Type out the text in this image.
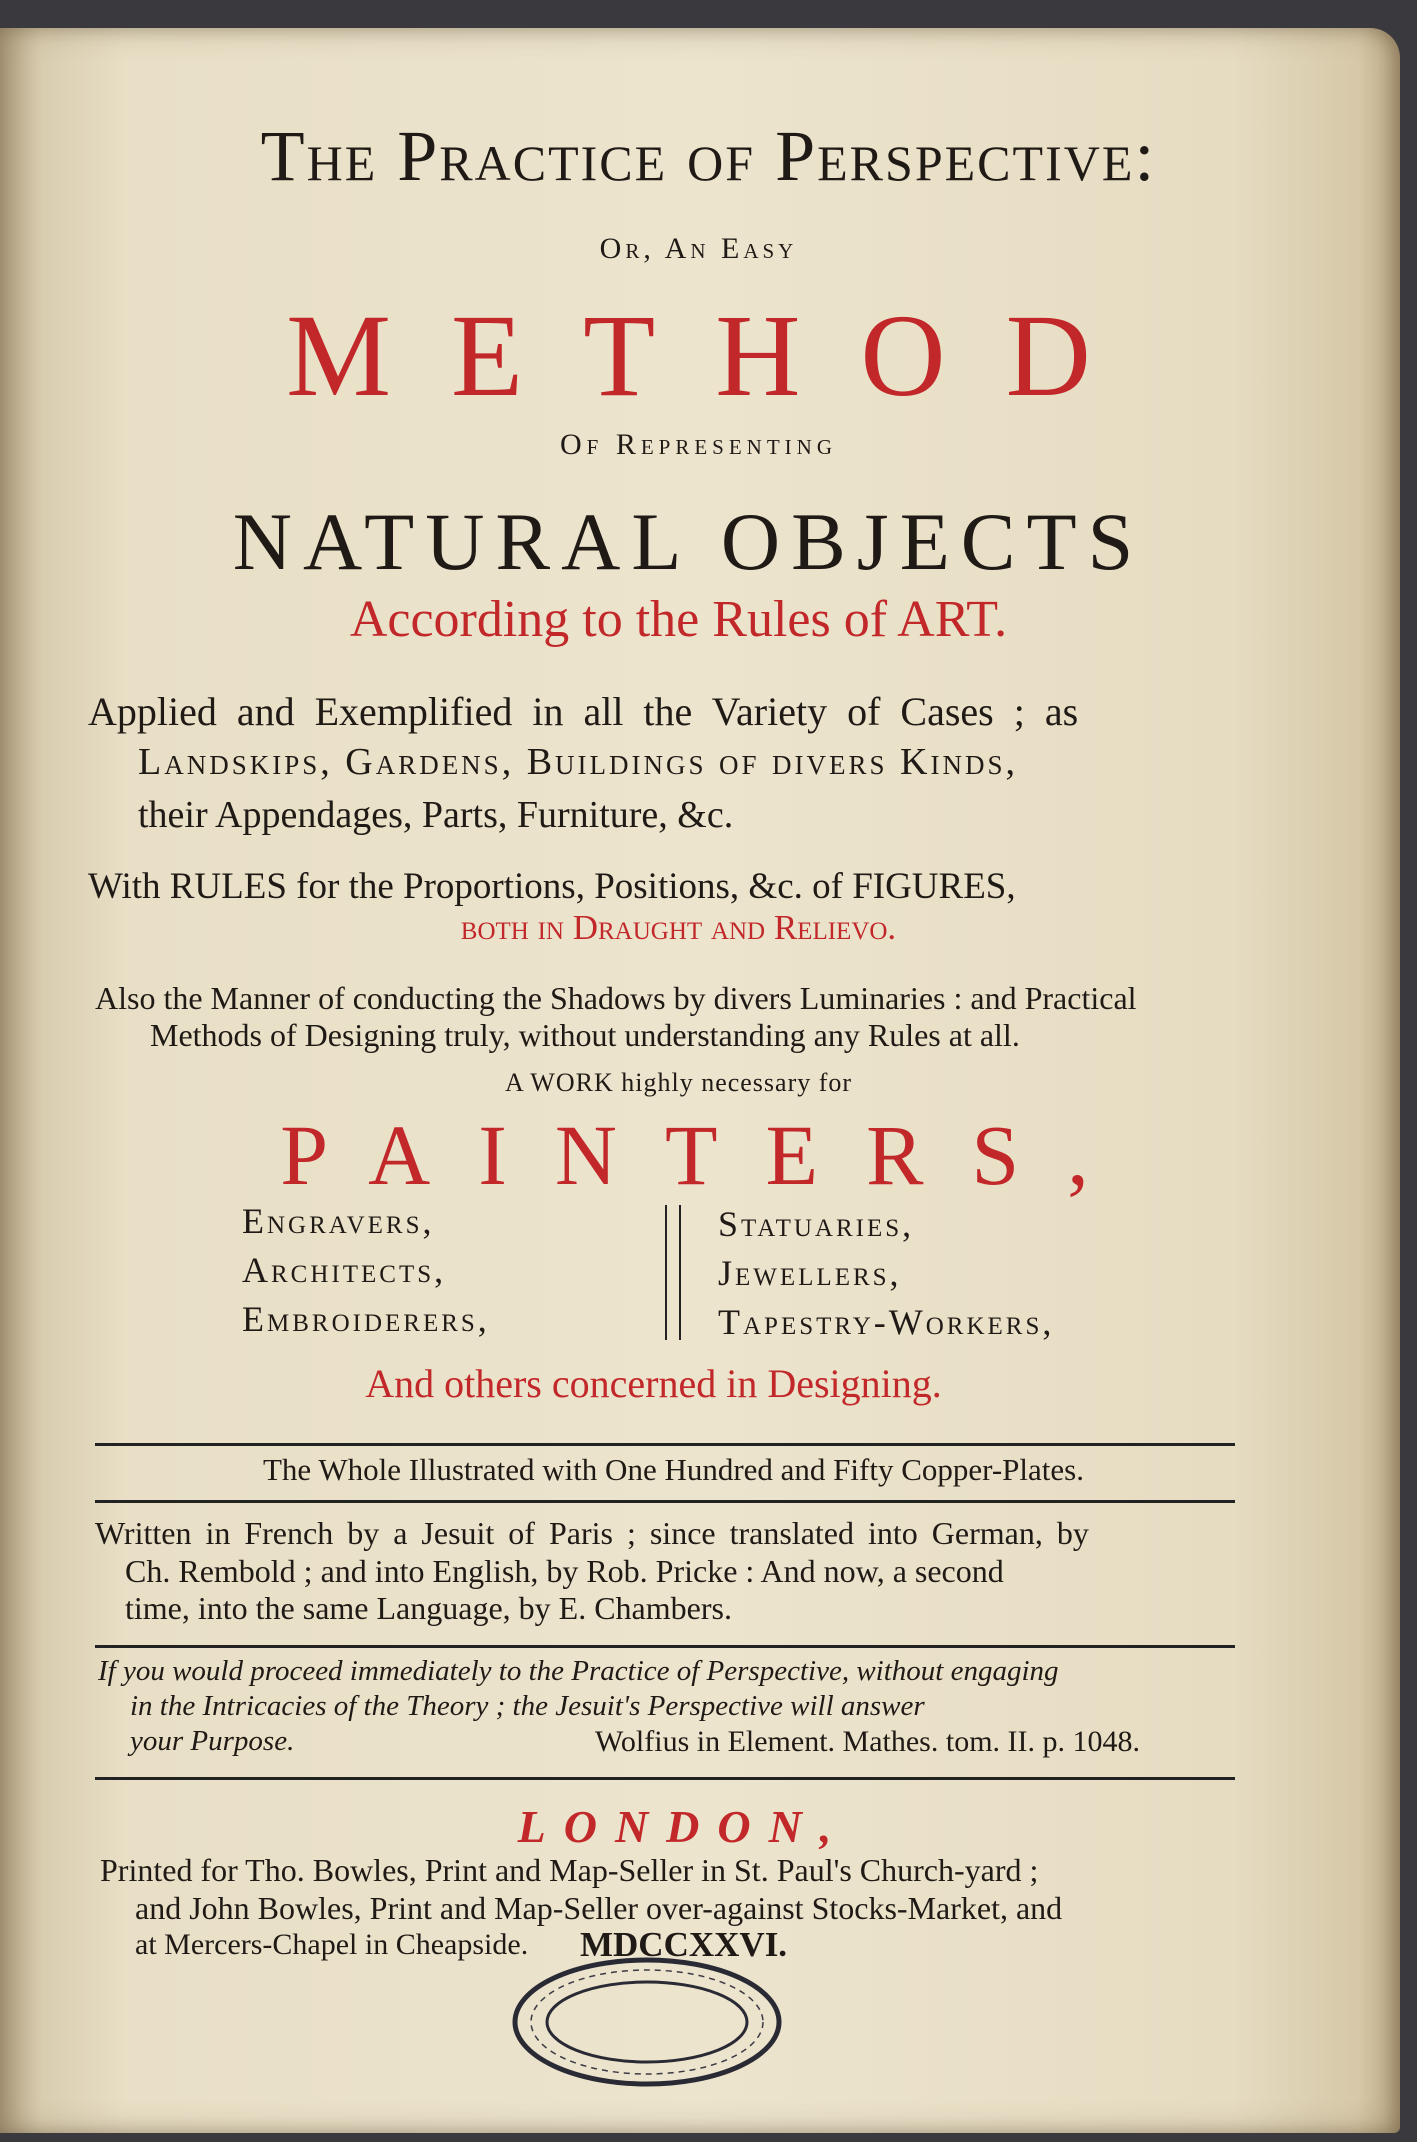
The Practice of Perspective:
Or, An Easy
METHOD
Of Representing
NATURAL OBJECTS
According to the Rules of ART.
Applied and Exemplified in all the Variety of Cases ; as
Landskips, Gardens, Buildings of divers Kinds,
their Appendages, Parts, Furniture, &c.
With RULES for the Proportions, Positions, &c. of FIGURES,
both in Draught and Relievo.
Also the Manner of conducting the Shadows by divers Luminaries : and Practical
Methods of Designing truly, without understanding any Rules at all.
A WORK highly necessary for
PAINTERS,
Engravers,
Architects,
Embroiderers,
Statuaries,
Jewellers,
Tapestry-Workers,
And others concerned in Designing.
The Whole Illustrated with One Hundred and Fifty Copper-Plates.
Written in French by a Jesuit of Paris ; since translated into German, by
Ch. Rembold ; and into English, by Rob. Pricke : And now, a second
time, into the same Language, by E. Chambers.
If you would proceed immediately to the Practice of Perspective, without engaging
in the Intricacies of the Theory ; the Jesuit's Perspective will answer
your Purpose.	Wolfius in Element. Mathes. tom. II. p. 1048.
LONDON,
Printed for Tho. Bowles, Print and Map-Seller in St. Paul's Church-yard ;
and John Bowles, Print and Map-Seller over-against Stocks-Market, and
at Mercers-Chapel in Cheapside. MDCCXXVI.
